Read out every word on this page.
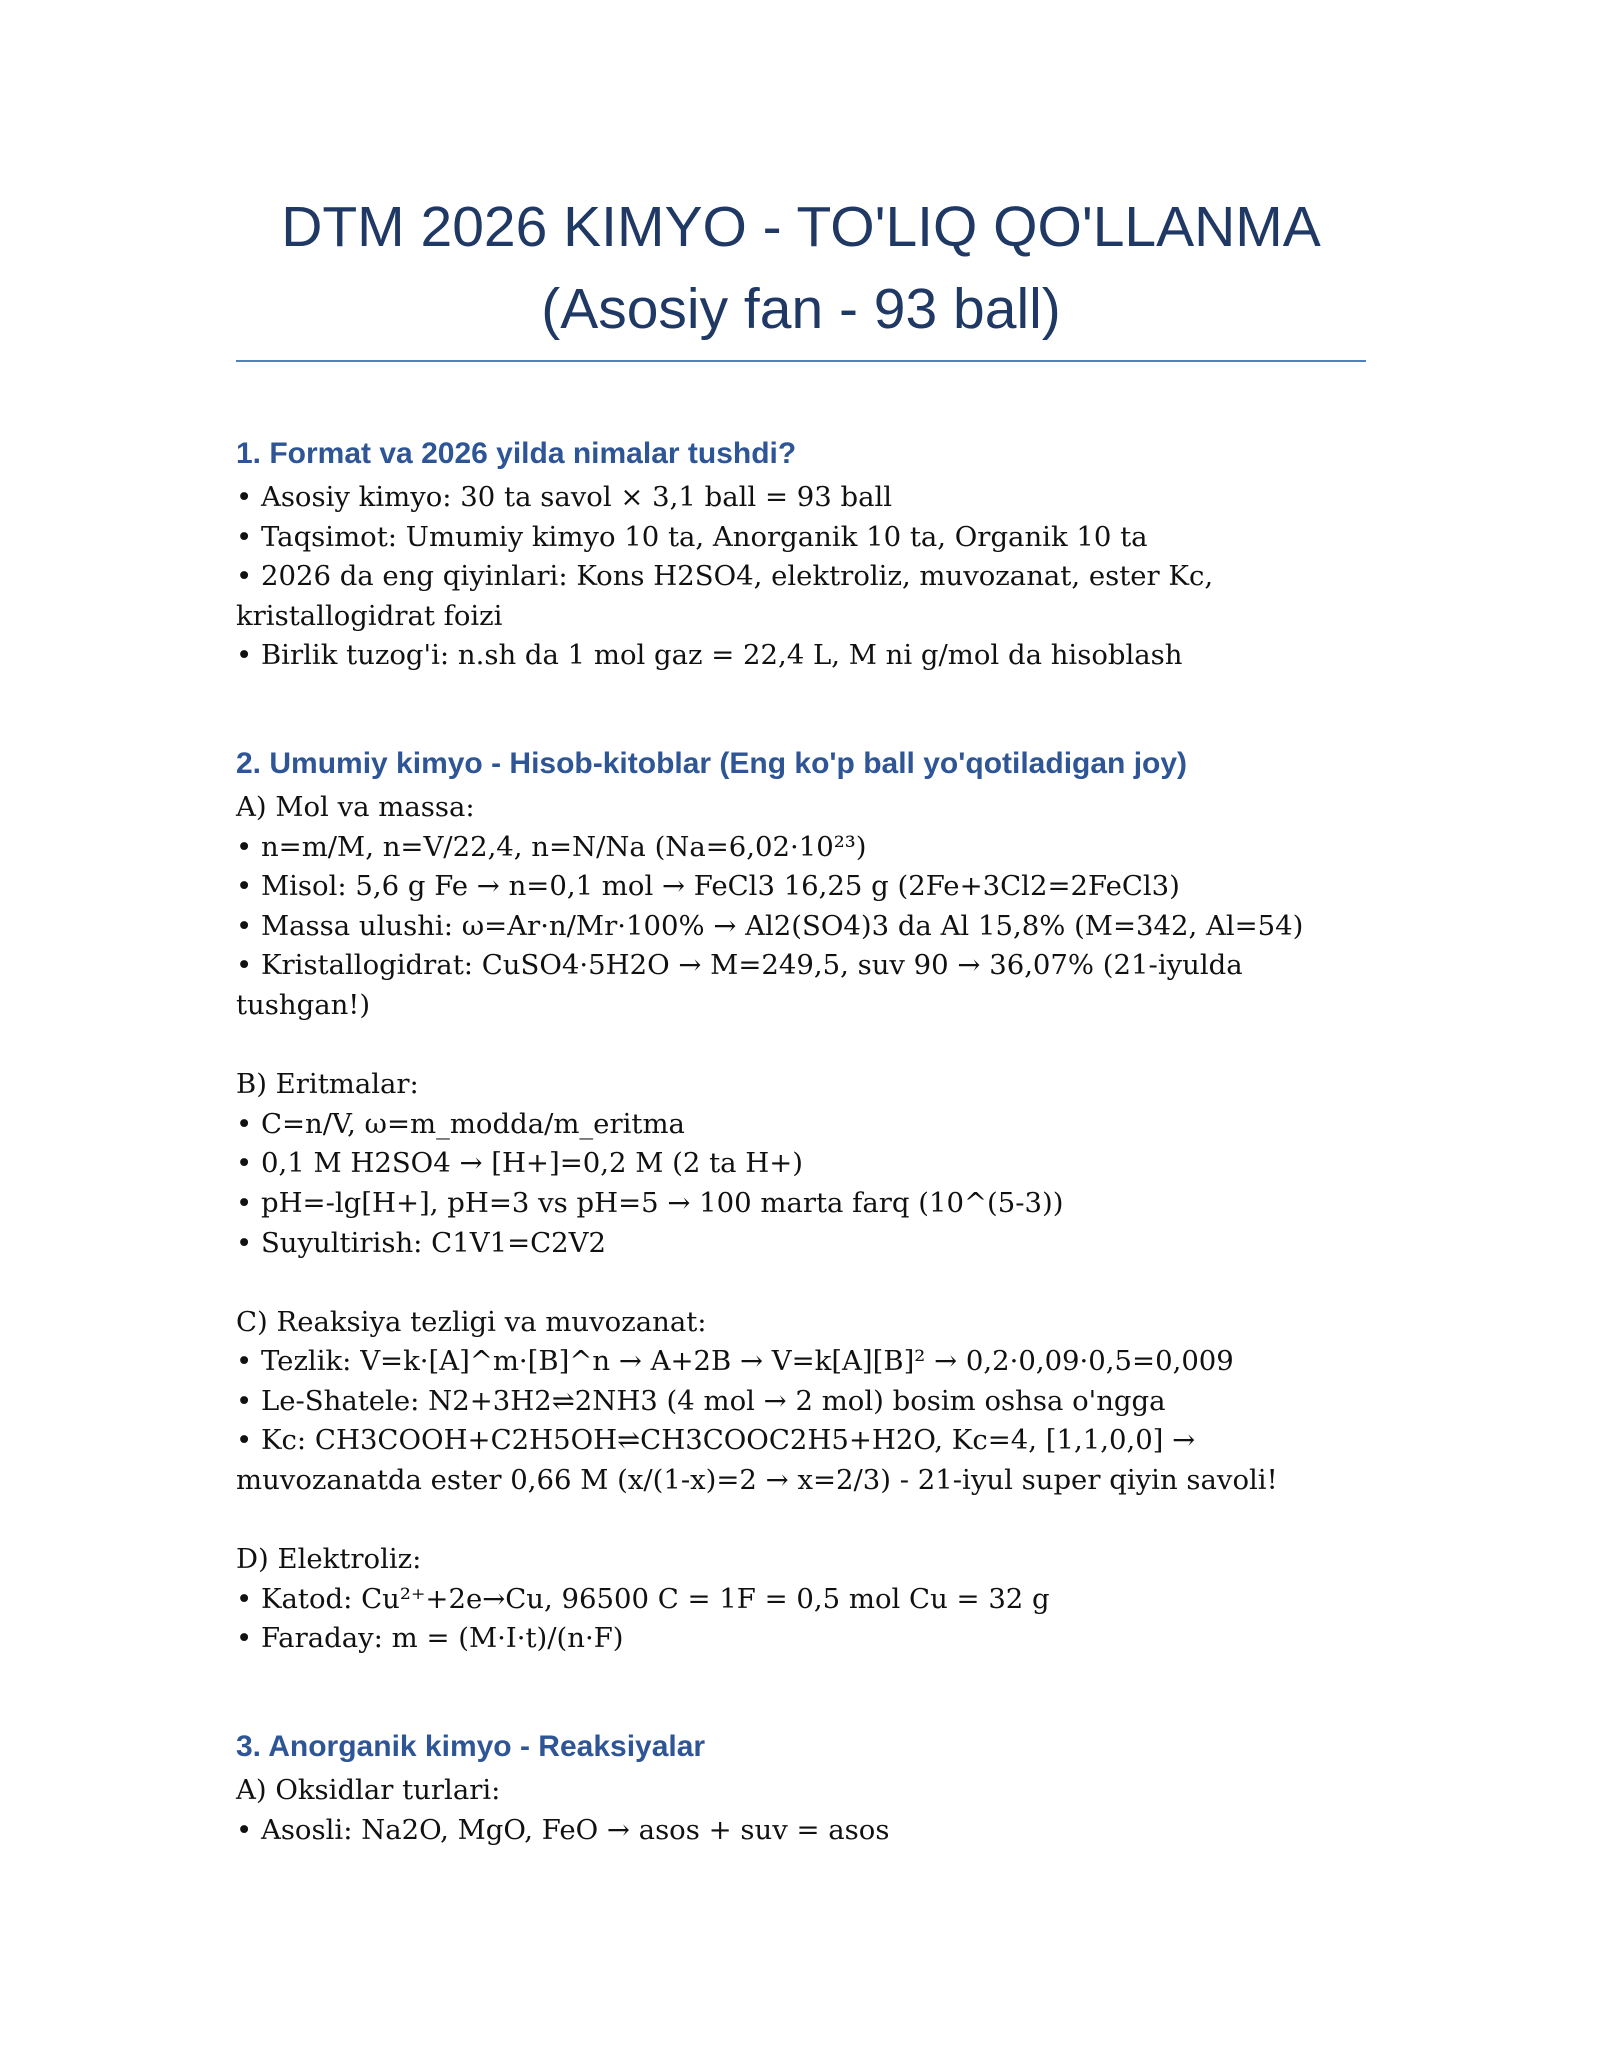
DTM 2026 KIMYO - TO'LIQ QO'LLANMA
(Asosiy fan - 93 ball)
1. Format va 2026 yilda nimalar tushdi?

• Asosiy kimyo: 30 ta savol × 3,1 ball = 93 ball

• Taqsimot: Umumiy kimyo 10 ta, Anorganik 10 ta, Organik 10 ta

• 2026 da eng qiyinlari: Kons H2SO4, elektroliz, muvozanat, ester Kc, kristallogidrat foizi

• Birlik tuzog'i: n.sh da 1 mol gaz = 22,4 L, M ni g/mol da hisoblash

2. Umumiy kimyo - Hisob-kitoblar (Eng ko'p ball yo'qotiladigan joy)

A) Mol va massa:

• n=m/M, n=V/22,4, n=N/Na (Na=6,02·10²³)

• Misol: 5,6 g Fe → n=0,1 mol → FeCl3 16,25 g (2Fe+3Cl2=2FeCl3)

• Massa ulushi: ω=Ar·n/Mr·100% → Al2(SO4)3 da Al 15,8% (M=342, Al=54)

• Kristallogidrat: CuSO4·5H2O → M=249,5, suv 90 → 36,07% (21-iyulda tushgan!)

B) Eritmalar:

• C=n/V, ω=m_modda/m_eritma

• 0,1 M H2SO4 → [H+]=0,2 M (2 ta H+)

• pH=-lg[H+], pH=3 vs pH=5 → 100 marta farq (10^(5-3))

• Suyultirish: C1V1=C2V2

C) Reaksiya tezligi va muvozanat:

• Tezlik: V=k·[A]^m·[B]^n → A+2B → V=k[A][B]² → 0,2·0,09·0,5=0,009

• Le-Shatele: N2+3H2⇌2NH3 (4 mol → 2 mol) bosim oshsa o'ngga

• Kc: CH3COOH+C2H5OH⇌CH3COOC2H5+H2O, Kc=4, [1,1,0,0] → muvozanatda ester 0,66 M (x/(1-x)=2 → x=2/3) - 21-iyul super qiyin savoli!

D) Elektroliz:

• Katod: Cu²⁺+2e→Cu, 96500 C = 1F = 0,5 mol Cu = 32 g

• Faraday: m = (M·I·t)/(n·F)

3. Anorganik kimyo - Reaksiyalar

A) Oksidlar turlari:

• Asosli: Na2O, MgO, FeO → asos + suv = asos
